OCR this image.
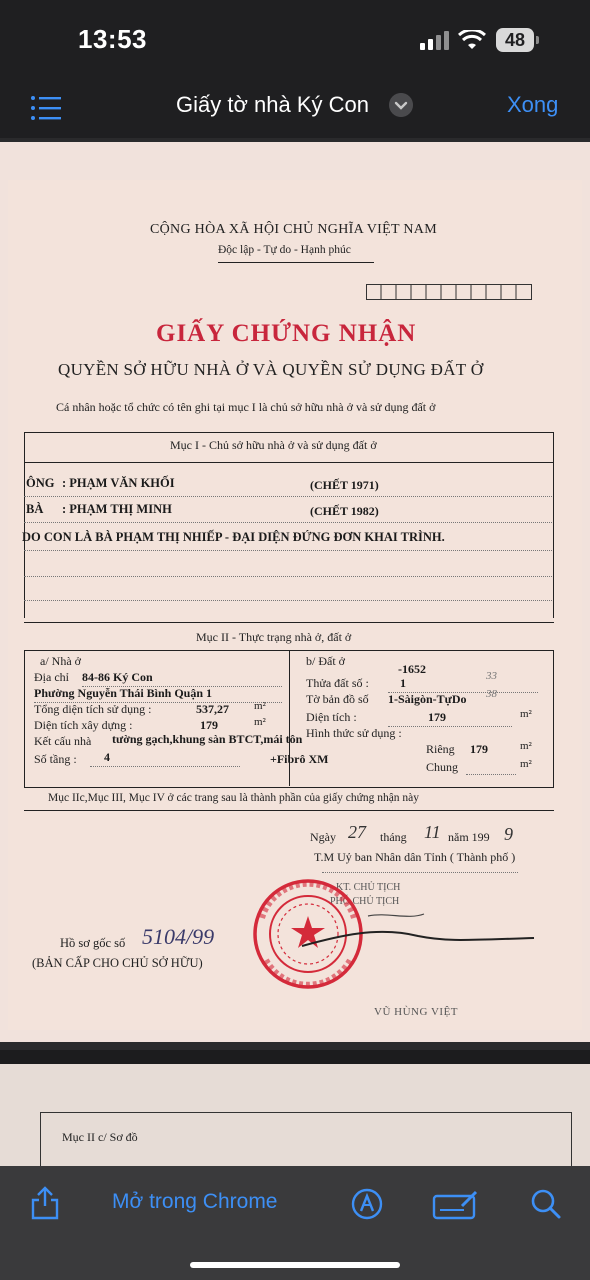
13:53	48
Giấy tờ nhà Ký Con	Xong
CỘNG HÒA XÃ HỘI CHỦ NGHĨA VIỆT NAM
Độc lập - Tự do - Hạnh phúc
GIẤY CHỨNG NHẬN
QUYỀN SỞ HỮU NHÀ Ở VÀ QUYỀN SỬ DỤNG ĐẤT Ở
Cá nhân hoặc tổ chức có tên ghi tại mục I là chủ sở hữu nhà ở và sử dụng đất ở
Mục I - Chủ sở hữu nhà ở và sử dụng đất ở
ÔNG : PHẠM VĂN KHỐI	(CHẾT 1971)
BÀ : PHẠM THỊ MINH	(CHẾT 1982)
DO CON LÀ BÀ PHẠM THỊ NHIẾP - ĐẠI DIỆN ĐỨNG ĐƠN KHAI TRÌNH.
Mục II - Thực trạng nhà ở, đất ở
a/ Nhà ở
Địa chỉ 84-86 Ký Con
Phường Nguyễn Thái Bình Quận 1
Tổng diện tích sử dụng :	537,27 m²
Diện tích xây dựng :	179	m²
Kết cấu nhà tường gạch,khung sàn BTCT,mái tôn
Số tầng : 4	+Fibrô XM
b/ Đất ở
-1652
Thửa đất số :	1	33
Tờ bản đồ số 1-Sàigòn-TựDo 38
Diện tích :	179	m²
Hình thức sử dụng :
Riêng 179	m²
Chung	m²
Mục IIc,Mục III, Mục IV ở các trang sau là thành phần của giấy chứng nhận này
Ngày 27 tháng 11 năm 199 9
T.M Uỷ ban Nhân dân Tỉnh ( Thành phố )
KT. CHỦ TỊCH
PHÓ CHỦ TỊCH
Hồ sơ gốc số 5104/99
(BẢN CẤP CHO CHỦ SỞ HỮU)
VŨ HÙNG VIỆT
Mục II c/ Sơ đồ
Mở trong Chrome
